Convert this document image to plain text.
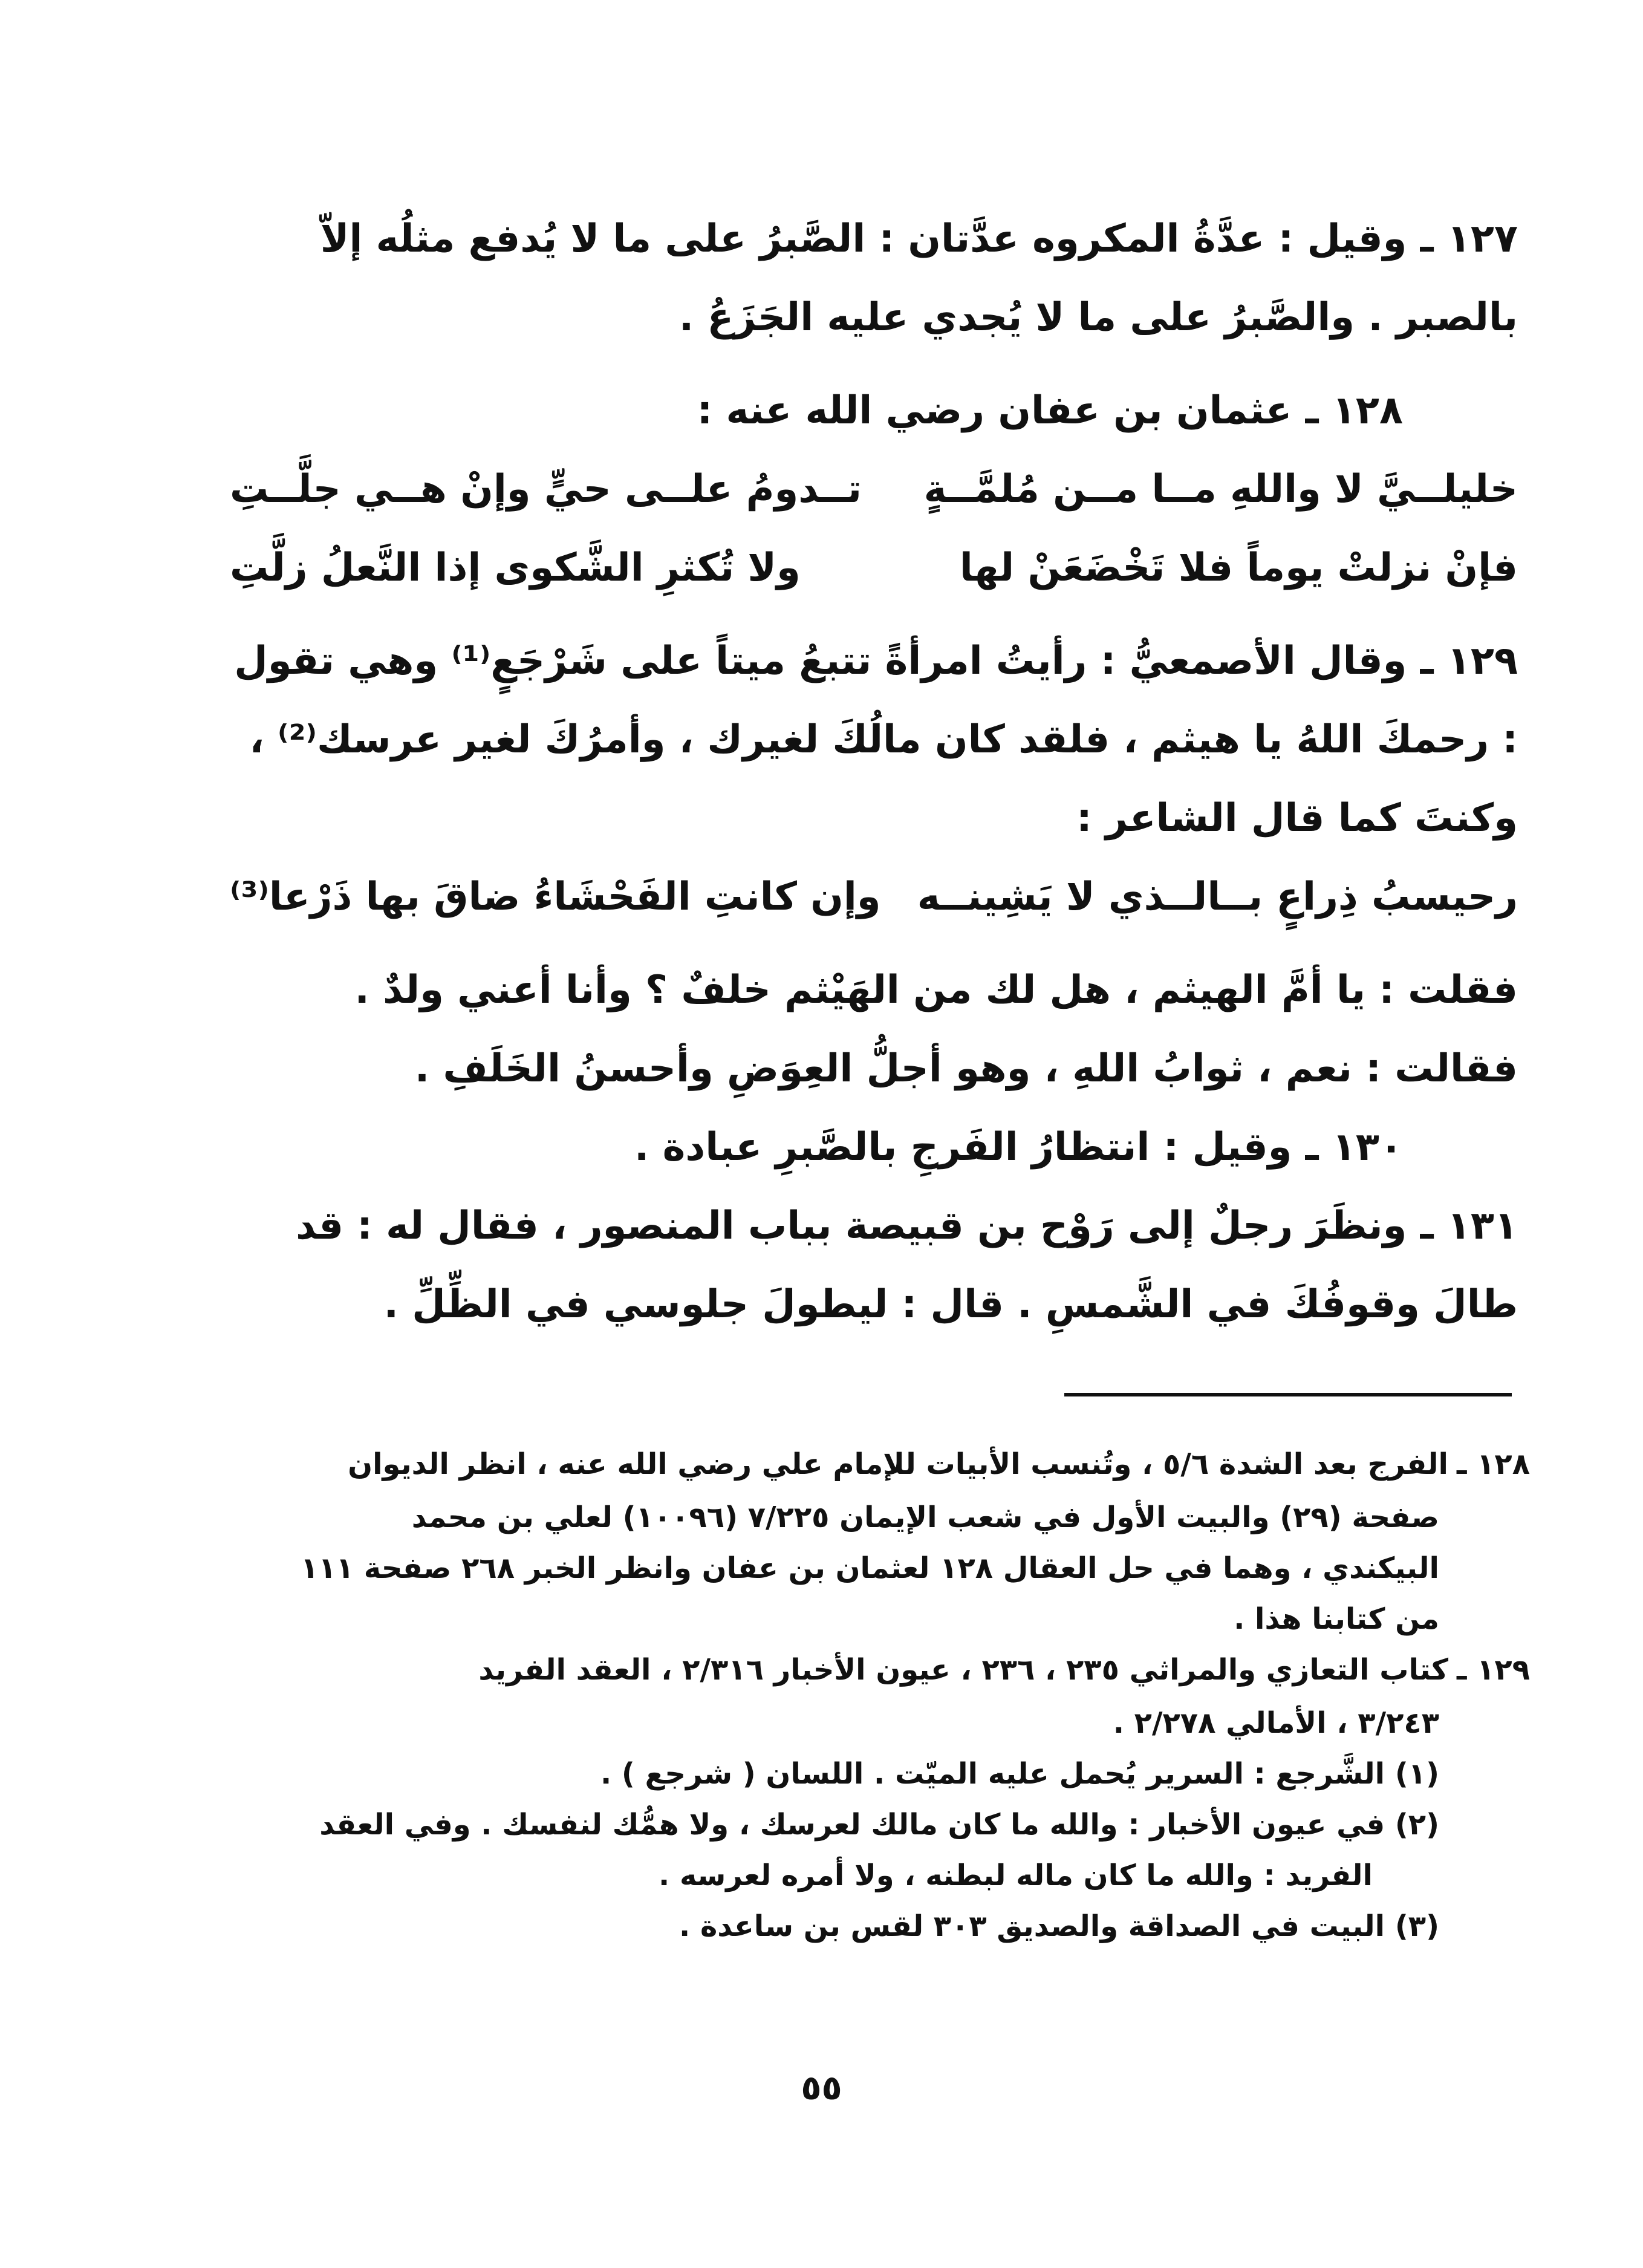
١٢٧ ـ وقيل : عدَّةُ المكروه عدَّتان : الصَّبرُ على ما لا يُدفع مثلُه إلاّ بالصبر . والصَّبرُ على ما لا يُجدي عليه الجَزَعُ .

١٢٨ ـ عثمان بن عفان رضي الله عنه :

خليلــيَّ لا واللهِ مــا مــن مُلمَّــةٍ
تــدومُ علــى حيٍّ وإنْ هــي جلَّــتِ
فإنْ نزلتْ يوماً فلا تَخْضَعَنْ لها
ولا تُكثرِ الشَّكوى إذا النَّعلُ زلَّتِ

١٢٩ ـ وقال الأصمعيُّ : رأيتُ امرأةً تتبعُ ميتاً على شَرْجَعٍ⁽¹⁾ وهي تقول : رحمكَ اللهُ يا هيثم ، فلقد كان مالُكَ لغيرك ، وأمرُكَ لغير عرسك⁽²⁾ ، وكنتَ كما قال الشاعر :

رحيسبُ ذِراعٍ بــالــذي لا يَشِينــه
وإن كانتِ الفَحْشَاءُ ضاقَ بها ذَرْعا⁽³⁾

فقلت : يا أمَّ الهيثم ، هل لك من الهَيْثم خلفٌ ؟ وأنا أعني ولدٌ .

فقالت : نعم ، ثوابُ اللهِ ، وهو أجلُّ العِوَضِ وأحسنُ الخَلَفِ .

١٣٠ ـ وقيل : انتظارُ الفَرجِ بالصَّبرِ عبادة .

١٣١ ـ ونظَرَ رجلٌ إلى رَوْح بن قبيصة بباب المنصور ، فقال له : قد طالَ وقوفُكَ في الشَّمسِ . قال : ليطولَ جلوسي في الظِّلِّ .

١٢٨ ـالفرج بعد الشدة ٥/٦ ، وتُنسب الأبيات للإمام علي رضي الله عنه ، انظر الديوان

صفحة (٢٩) والبيت الأول في شعب الإيمان ٧/٢٢٥ (١٠٠٩٦) لعلي بن محمد

البيكندي ، وهما في حل العقال ١٢٨ لعثمان بن عفان وانظر الخبر ٢٦٨ صفحة ١١١

من كتابنا هذا .

١٢٩ ـكتاب التعازي والمراثي ٢٣٥ ، ٢٣٦ ، عيون الأخبار ٢/٣١٦ ، العقد الفريد

٣/٢٤٣ ، الأمالي ٢/٢٧٨ .

(١) الشَّرجع : السرير يُحمل عليه الميّت . اللسان ( شرجع ) .

(٢) في عيون الأخبار : والله ما كان مالك لعرسك ، ولا همُّك لنفسك . وفي العقد

الفريد : والله ما كان ماله لبطنه ، ولا أمره لعرسه .

(٣) البيت في الصداقة والصديق ٣٠٣ لقس بن ساعدة .

٥٥
